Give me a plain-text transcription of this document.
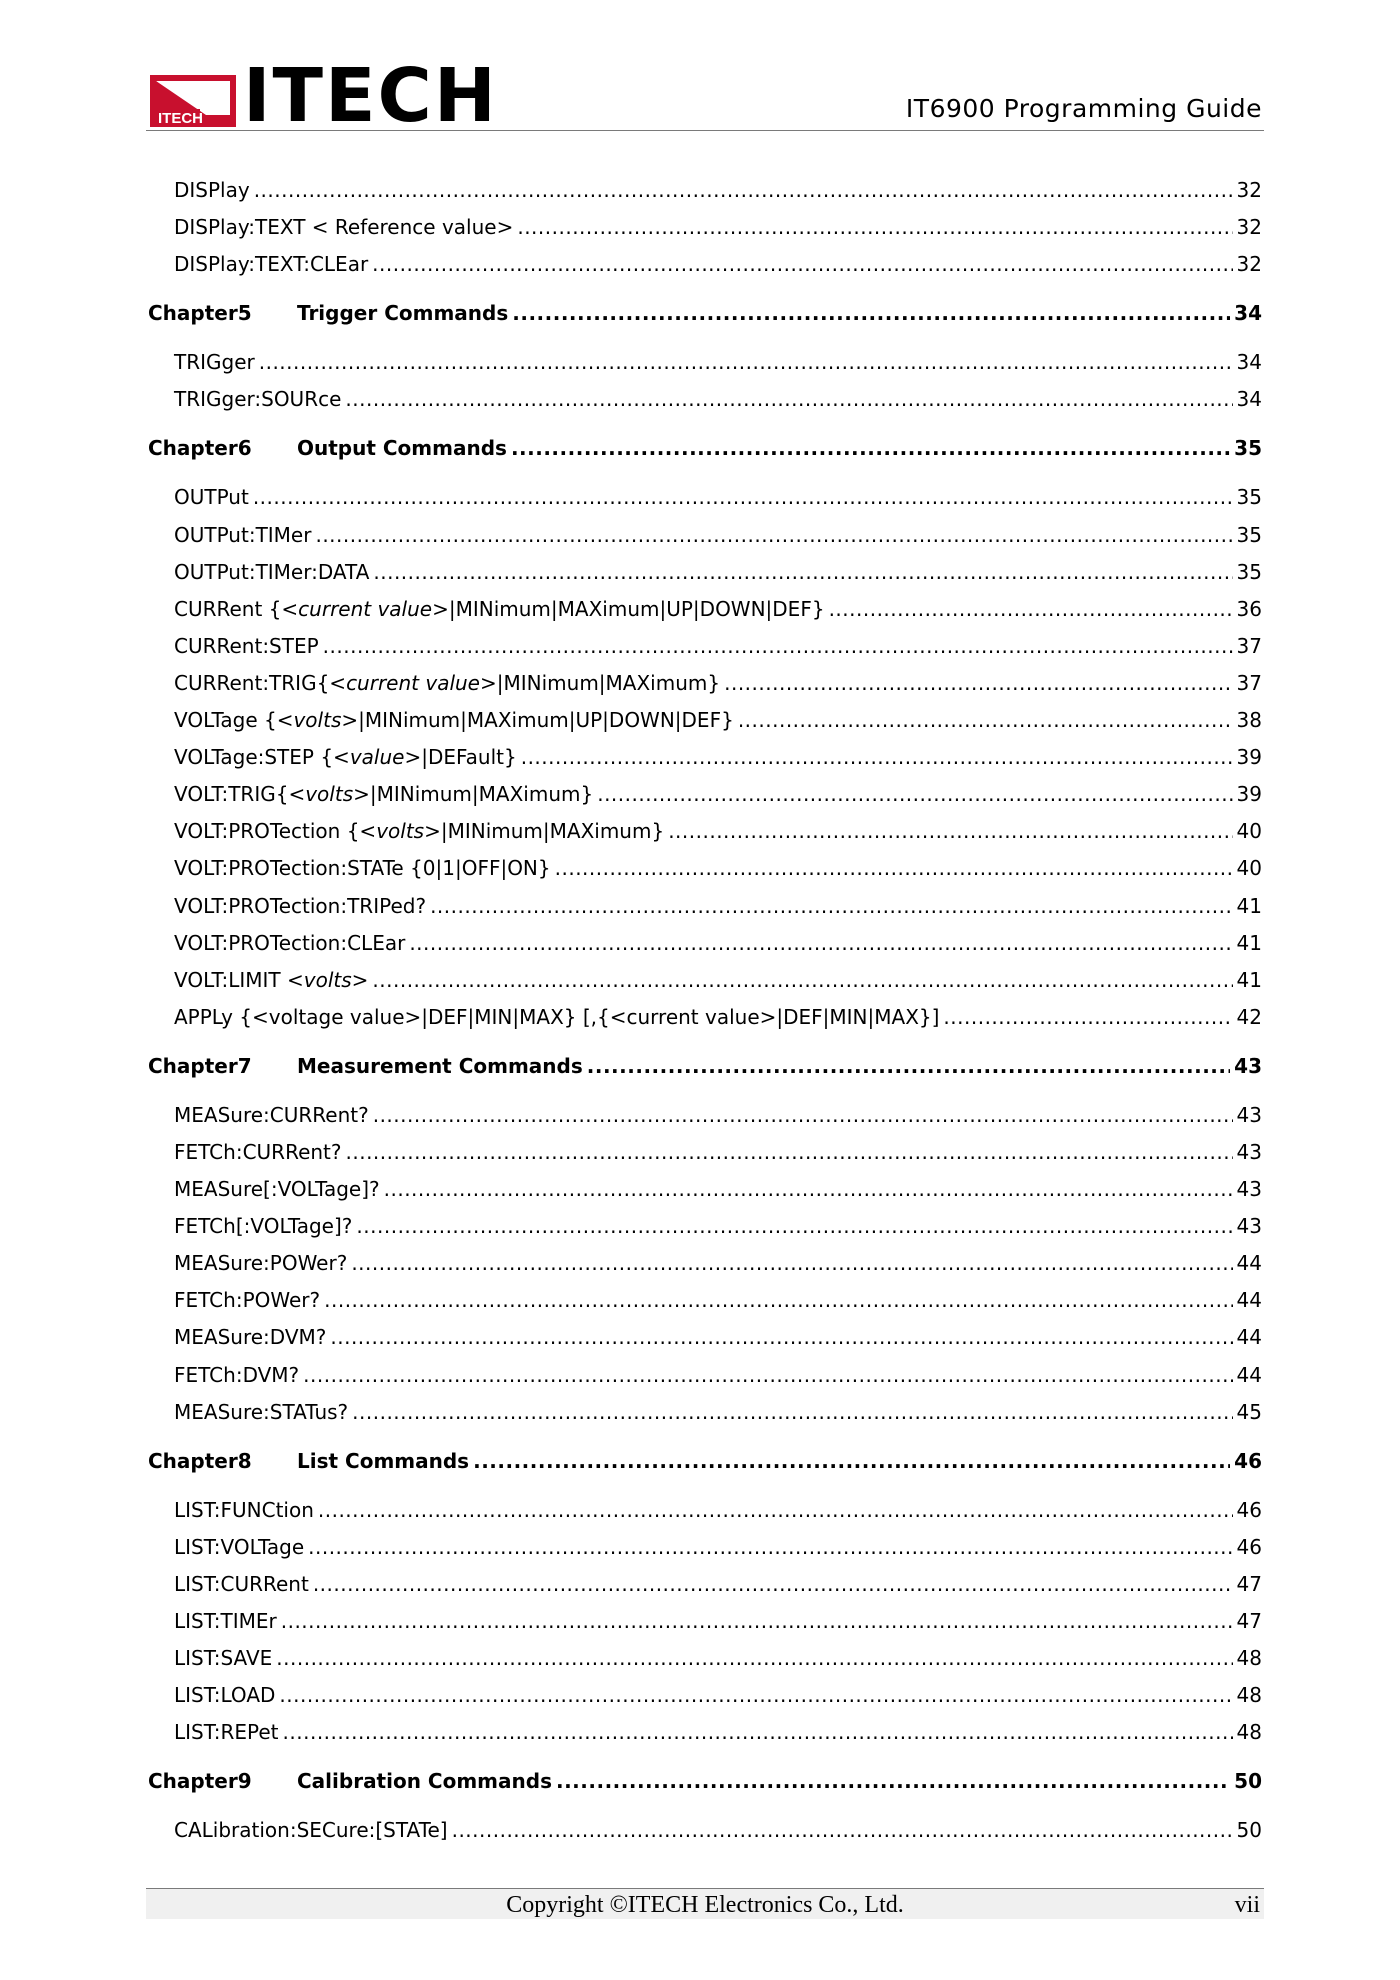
ITECH ITECH	IT6900 Programming Guide
DISPlay .....	32
DISPlay:TEXT < Reference value> .....	32
DISPlay:TEXT:CLEar .....	32
Chapter5 Trigger Commands .....	34
TRIGger .....	34
TRIGger:SOURce .....	34
Chapter6 Output Commands .....	35
OUTPut .....	35
OUTPut:TIMer .....	35
OUTPut:TIMer:DATA .....	35
CURRent {<current value>|MINimum|MAXimum|UP|DOWN|DEF} .....	36
CURRent:STEP .....	37
CURRent:TRIG{<current value>|MINimum|MAXimum} .....	37
VOLTage {<volts>|MINimum|MAXimum|UP|DOWN|DEF} .....	38
VOLTage:STEP {<value>|DEFault} .....	39
VOLT:TRIG{<volts>|MINimum|MAXimum} .....	39
VOLT:PROTection {<volts>|MINimum|MAXimum} .....	40
VOLT:PROTection:STATe {0|1|OFF|ON} .....	40
VOLT:PROTection:TRIPed? .....	41
VOLT:PROTection:CLEar .....	41
VOLT:LIMIT <volts> .....	41
APPLy {<voltage value>|DEF|MIN|MAX} [,{<current value>|DEF|MIN|MAX}] .....	42
Chapter7 Measurement Commands .....	43
MEASure:CURRent? .....	43
FETCh:CURRent? .....	43
MEASure[:VOLTage]? .....	43
FETCh[:VOLTage]? .....	43
MEASure:POWer? .....	44
FETCh:POWer? .....	44
MEASure:DVM? .....	44
FETCh:DVM? .....	44
MEASure:STATus? .....	45
Chapter8 List Commands .....	46
LIST:FUNCtion .....	46
LIST:VOLTage .....	46
LIST:CURRent .....	47
LIST:TIMEr .....	47
LIST:SAVE .....	48
LIST:LOAD .....	48
LIST:REPet .....	48
Chapter9 Calibration Commands .....	50
CALibration:SECure:[STATe] .....	50
Copyright ©ITECH Electronics Co., Ltd.	vii
